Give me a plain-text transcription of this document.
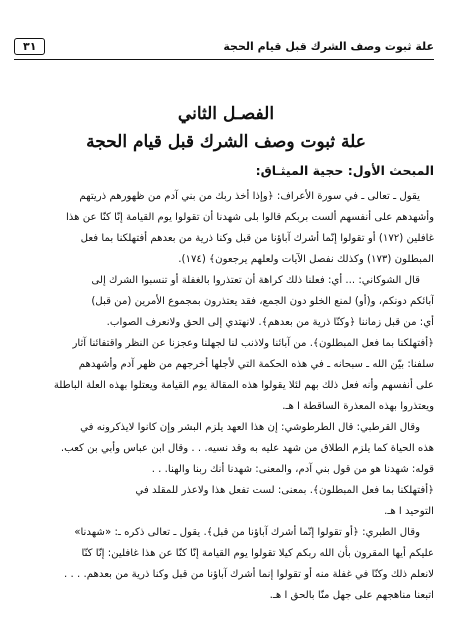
علة ثبوت وصف الشرك قبل قيام الحجة
٣١
الفصـل الثاني
علة ثبوت وصف الشرك قبل قيام الحجة
المبحث الأول: حجية الميثـاق:
يقول ـ تعالى ـ في سورة الأعراف: ﴿وإذا أخذ ربك من بني آدم من ظهورهم ذريتهم
وأشهدهم على أنفسهم ألست بربكم قالوا بلى شهدنا أن تقولوا يوم القيامة إنّا كنّا عن هذا
غافلين (١٧٢) أو تقولوا إنّما أشرك آباؤنا من قبل وكنا ذرية من بعدهم أفتهلكنا بما فعل
المبطلون (١٧٣) وكذلك نفصل الآيات ولعلهم يرجعون﴾ (١٧٤).
قال الشوكاني: ... أي: فعلنا ذلك كراهة أن تعتذروا بالغفلة أو تنسبوا الشرك إلى
آبائكم دونكم، و(أو) لمنع الخلو دون الجمع، فقد يعتذرون بمجموع الأمرين (من قبل)
أي: من قبل زماننا ﴿وكنّا ذرية من بعدهم﴾. لانهتدي إلى الحق ولانعرف الصواب.
﴿أفتهلكنا بما فعل المبطلون﴾. من آبائنا ولاذنب لنا لجهلنا وعجزنا عن النظر واقتفائنا آثار
سلفنا: بيّن الله ـ سبحانه ـ في هذه الحكمة التي لأجلها أخرجهم من ظهر آدم وأشهدهم
على أنفسهم وأنه فعل ذلك بهم لئلا يقولوا هذه المقالة يوم القيامة ويعتلوا بهذه العلة الباطلة
ويعتذروا بهذه المعذرة الساقطة ا هـ.
وقال القرطبي: قال الطرطوشي: إن هذا العهد يلزم البشر وإن كانوا لايذكرونه في
هذه الحياة كما يلزم الطلاق من شهد عليه به وقد نسيه. . . وقال ابن عباس وأبي بن كعب.
قوله: شهدنا هو من قول بني آدم، والمعنى: شهدنا أنك ربنا والهنا. . .
﴿أفتهلكنا بما فعل المبطلون﴾. بمعنى: لست تفعل هذا ولاعذر للمقلد في
التوحيد ا هـ.
وقال الطبري: ﴿أو تقولوا إنّما أشرك آباؤنا من قبل﴾. يقول ـ تعالى ذكره ـ: «شهدنا»
عليكم أيها المقرون بأن الله ربكم كيلا تقولوا يوم القيامة إنّا كنّا عن هذا غافلين: إنّا كنّا
لانعلم ذلك وكنّا في غفلة منه أو تقولوا إنما أشرك آباؤنا من قبل وكنا ذرية من بعدهم. . . .
اتبعنا مناهجهم على جهل منّا بالحق ا هـ.
